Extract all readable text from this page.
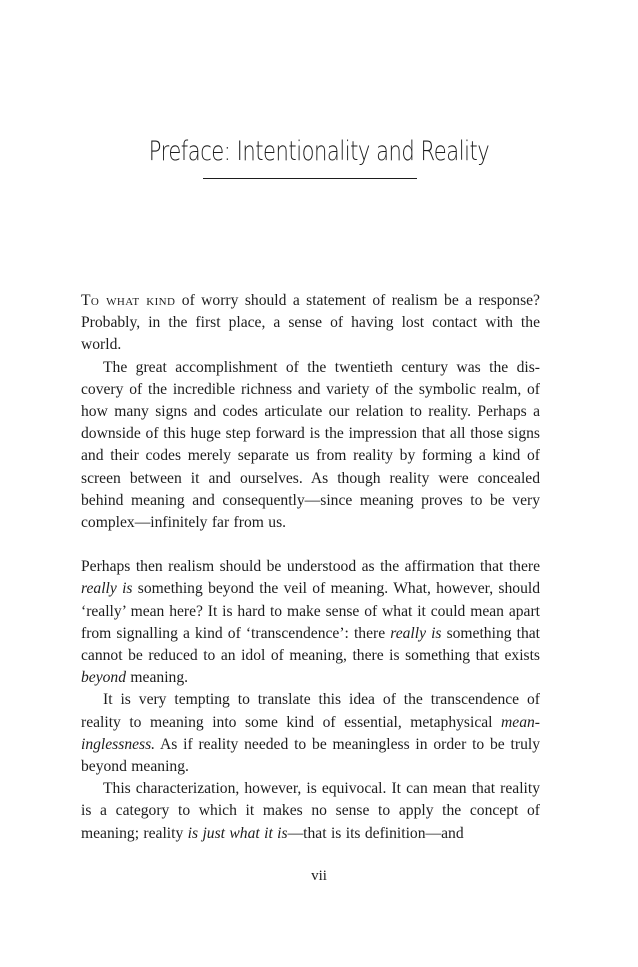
Preface: Intentionality and Reality

To what kind of worry should a statement of realism be a response? Probably, in the first place, a sense of having lost contact with the world.

The great accomplishment of the twentieth century was the discovery of the incredible richness and variety of the symbolic realm, of how many signs and codes articulate our relation to reality. Perhaps a downside of this huge step forward is the impression that all those signs and their codes merely separate us from reality by forming a kind of screen between it and ourselves. As though reality were concealed behind meaning and consequently—since meaning proves to be very complex—infinitely far from us.

Perhaps then realism should be understood as the affirmation that there really is something beyond the veil of meaning. What, however, should ‘really’ mean here? It is hard to make sense of what it could mean apart from signalling a kind of ‘transcendence’: there really is something that cannot be reduced to an idol of meaning, there is something that exists beyond meaning.

It is very tempting to translate this idea of the transcendence of reality to meaning into some kind of essential, metaphysical meaninglessness. As if reality needed to be meaningless in order to be truly beyond meaning.

This characterization, however, is equivocal. It can mean that reality is a category to which it makes no sense to apply the concept of meaning; reality is just what it is—that is its definition—and

vii
